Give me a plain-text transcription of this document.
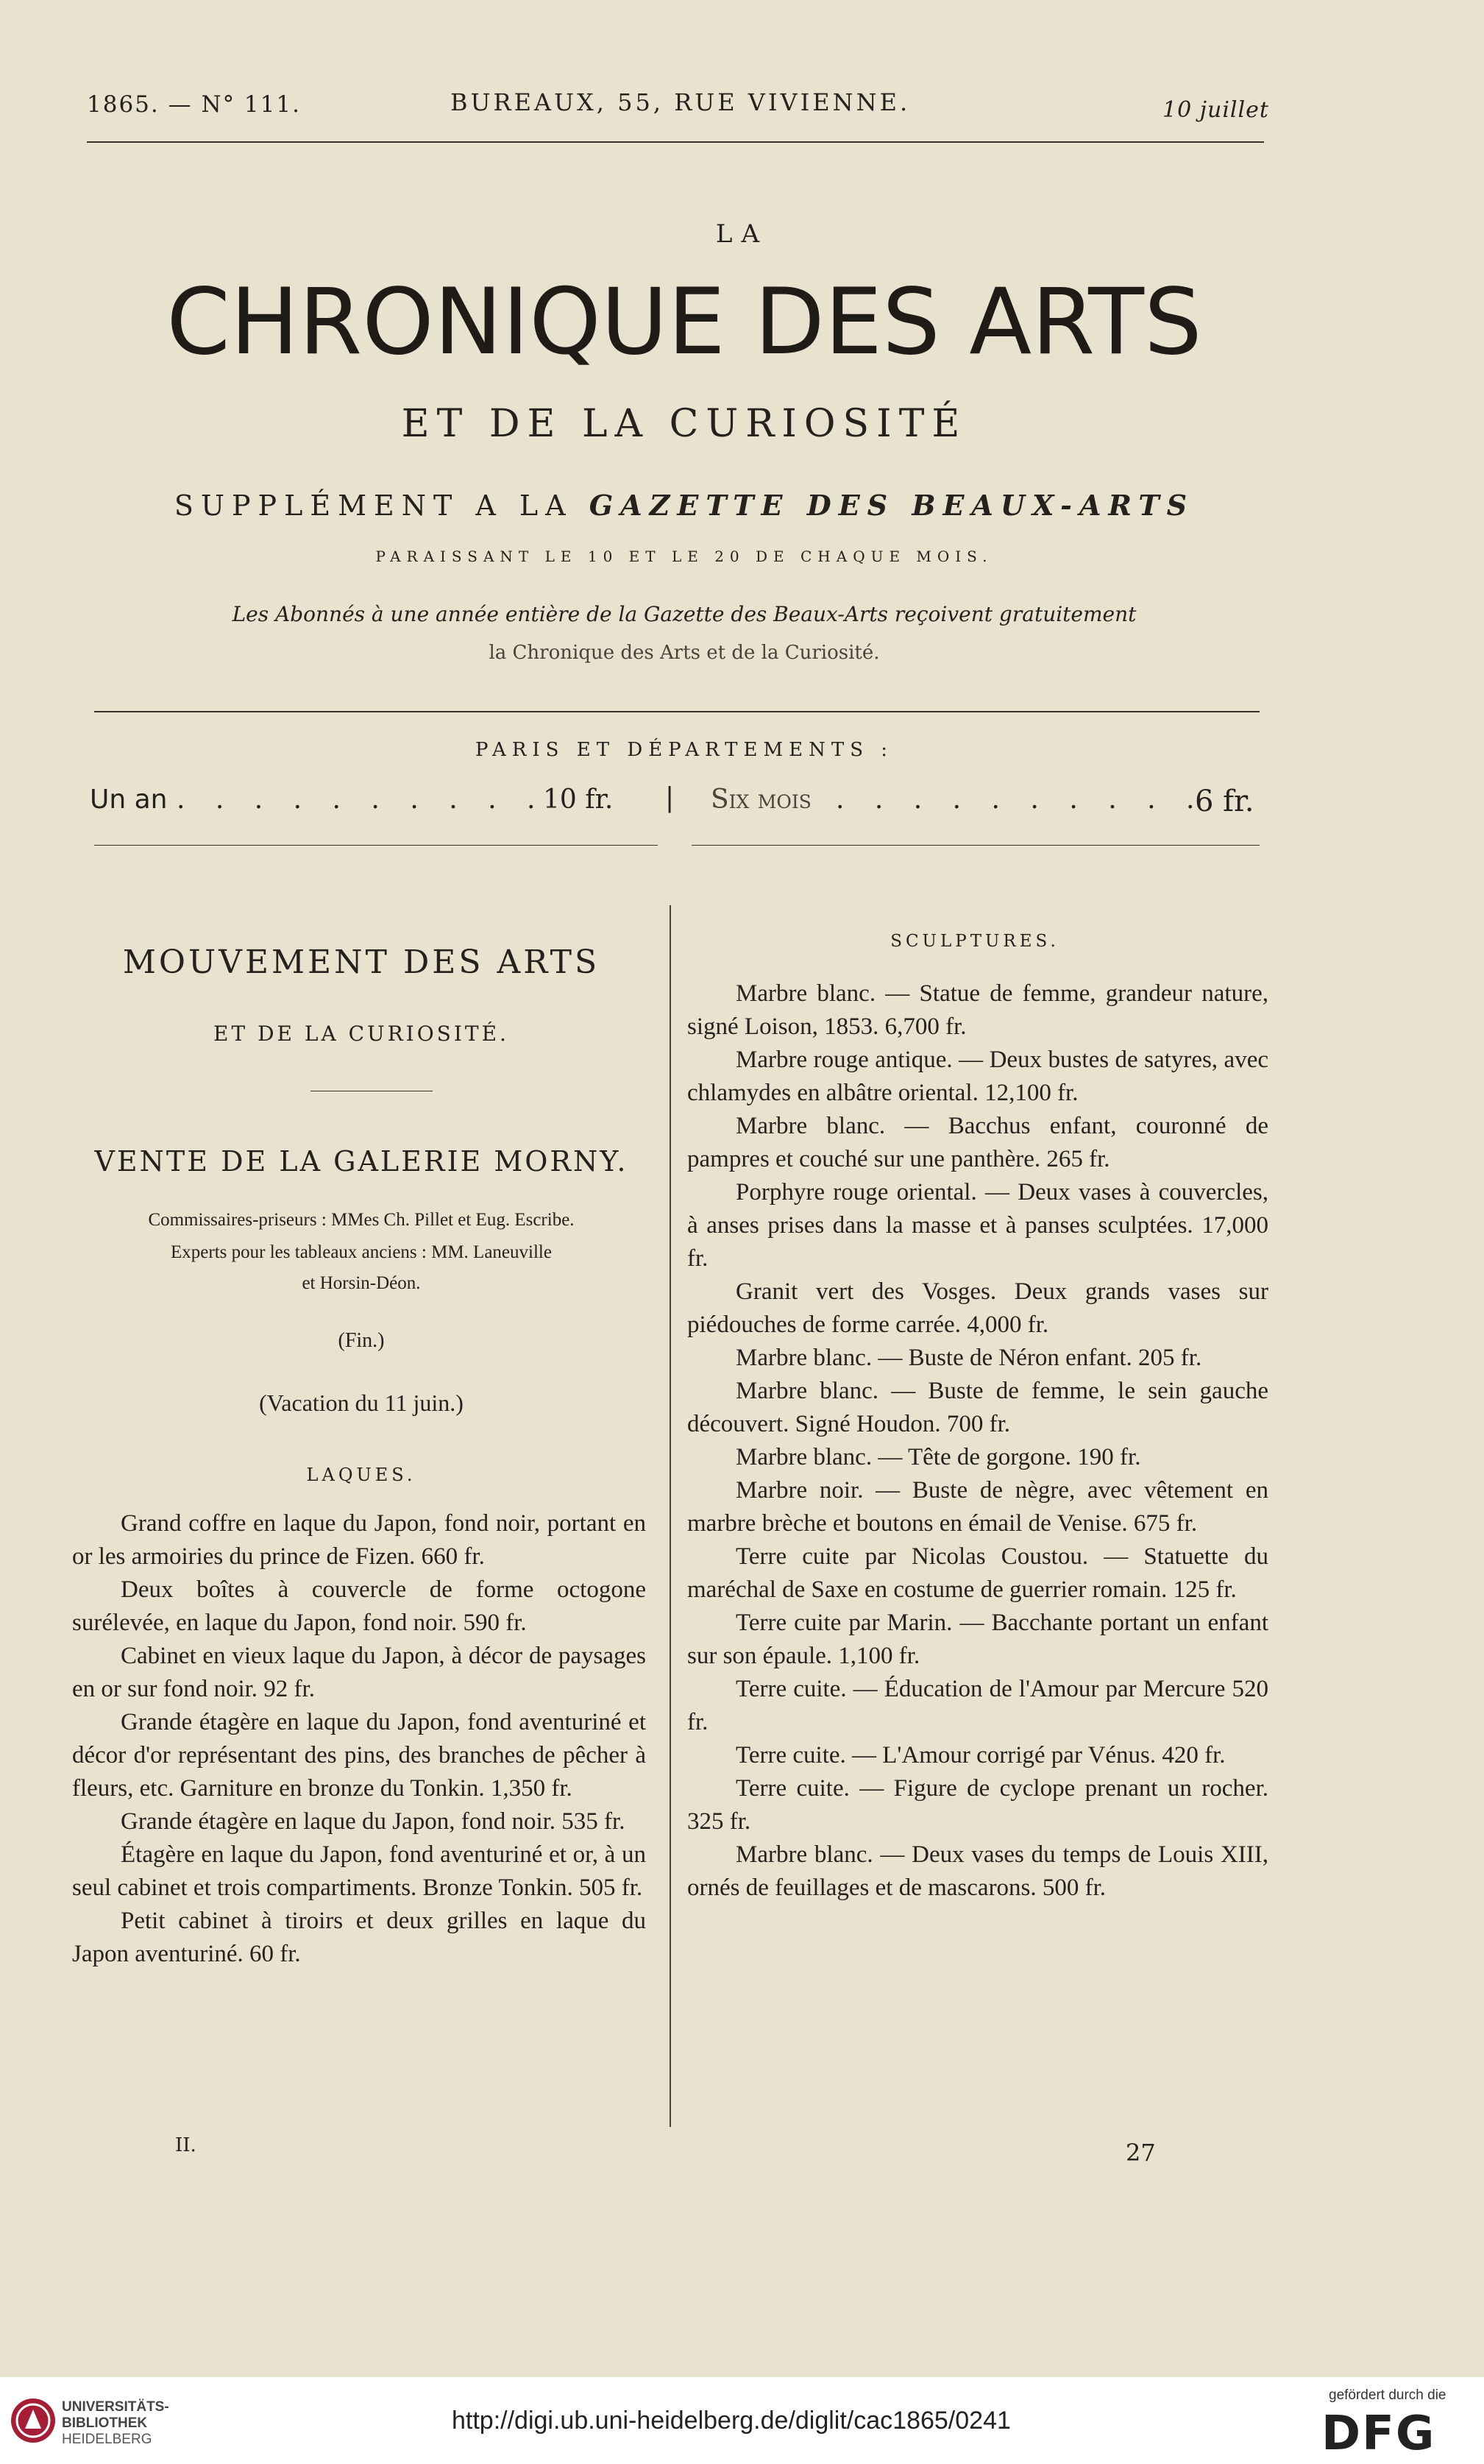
1865. — N° 111.	BUREAUX, 55, RUE VIVIENNE.	10 juillet
LA
CHRONIQUE DES ARTS
ET DE LA CURIOSITÉ
SUPPLÉMENT A LA GAZETTE DES BEAUX-ARTS
PARAISSANT LE 10 ET LE 20 DE CHAQUE MOIS.
Les Abonnés à une année entière de la Gazette des Beaux-Arts reçoivent gratuitement
la Chronique des Arts et de la Curiosité.
PARIS ET DÉPARTEMENTS :
Un an . . . . . . . . . .
10 fr. | Six mois . . . . . . . . . .
6 fr.
MOUVEMENT DES ARTS
ET DE LA CURIOSITÉ.
VENTE DE LA GALERIE MORNY.
Commissaires-priseurs : MMes Ch. Pillet et Eug. Escribe.
Experts pour les tableaux anciens : MM. Laneuville
et Horsin-Déon.
(Fin.)
(Vacation du 11 juin.)
LAQUES.

Grand coffre en laque du Japon, fond noir, portant en or les armoiries du prince de Fizen. 660 fr.

Deux boîtes à couvercle de forme octogone surélevée, en laque du Japon, fond noir. 590 fr.

Cabinet en vieux laque du Japon, à décor de paysages en or sur fond noir. 92 fr.

Grande étagère en laque du Japon, fond aventuriné et décor d'or représentant des pins, des branches de pêcher à fleurs, etc. Garniture en bronze du Tonkin. 1,350 fr.

Grande étagère en laque du Japon, fond noir. 535 fr.

Étagère en laque du Japon, fond aventuriné et or, à un seul cabinet et trois compartiments. Bronze Tonkin. 505 fr.

Petit cabinet à tiroirs et deux grilles en laque du Japon aventuriné. 60 fr.

II.
SCULPTURES.

Marbre blanc. — Statue de femme, grandeur nature, signé Loison, 1853. 6,700 fr.

Marbre rouge antique. — Deux bustes de satyres, avec chlamydes en albâtre oriental. 12,100 fr.

Marbre blanc. — Bacchus enfant, couronné de pampres et couché sur une panthère. 265 fr.

Porphyre rouge oriental. — Deux vases à couvercles, à anses prises dans la masse et à panses sculptées. 17,000 fr.

Granit vert des Vosges. Deux grands vases sur piédouches de forme carrée. 4,000 fr.

Marbre blanc. — Buste de Néron enfant. 205 fr.

Marbre blanc. — Buste de femme, le sein gauche découvert. Signé Houdon. 700 fr.

Marbre blanc. — Tête de gorgone. 190 fr.

Marbre noir. — Buste de nègre, avec vêtement en marbre brèche et boutons en émail de Venise. 675 fr.

Terre cuite par Nicolas Coustou. — Statuette du maréchal de Saxe en costume de guerrier romain. 125 fr.

Terre cuite par Marin. — Bacchante portant un enfant sur son épaule. 1,100 fr.

Terre cuite. — Éducation de l'Amour par Mercure 520 fr.

Terre cuite. — L'Amour corrigé par Vénus. 420 fr.

Terre cuite. — Figure de cyclope prenant un rocher. 325 fr.

Marbre blanc. — Deux vases du temps de Louis XIII, ornés de feuillages et de mascarons. 500 fr.

27
UNIVERSITÄTS-
BIBLIOTHEK
HEIDELBERG
http://digi.ub.uni-heidelberg.de/diglit/cac1865/0241
gefördert durch die
DFG
